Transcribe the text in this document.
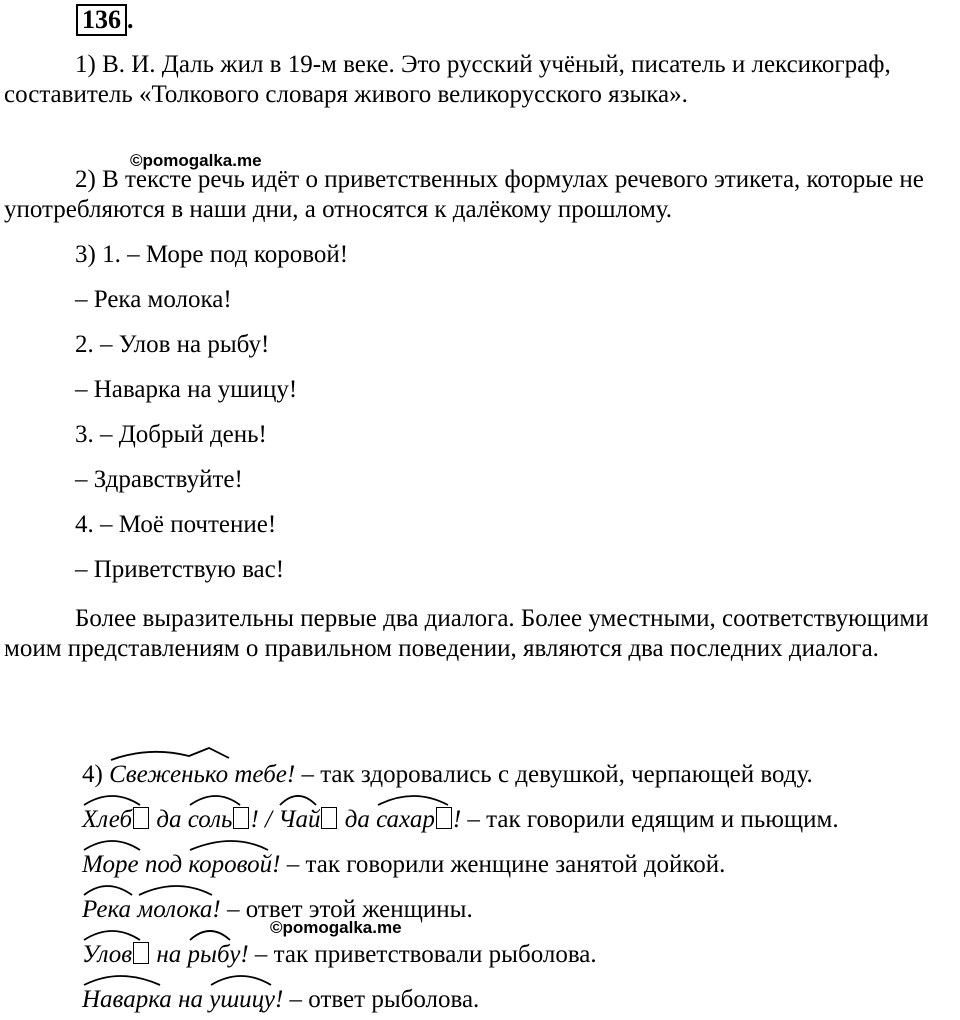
136 .

1) В. И. Даль жил в 19-м веке. Это русский учёный, писатель и лексикограф, составитель «Толкового словаря живого великорусского языка».

©pomogalka.me

2) В тексте речь идёт о приветственных формулах речевого этикета, которые не употребляются в наши дни, а относятся к далёкому прошлому.

3) 1. – Море под коровой!

– Река молока!

2. – Улов на рыбу!

– Наварка на ушицу!

3. – Добрый день!

– Здравствуйте!

4. – Моё почтение!

– Приветствую вас!

Более выразительны первые два диалога. Более уместными, соответствующими моим представлениям о правильном поведении, являются два последних диалога.

4)
Свеженько тебе! – так здоровались с девушкой, черпающей воду.

Хлеб да
соль ! /
Чай да
сахар ! – так говорили едящим и пьющим.

Море под
коровой! – так говорили женщине занятой дойкой.

©pomogalka.me

Река молока! – ответ этой женщины.

Улов на
рыбу! – так приветствовали рыболова.

Наварка на
ушицу! – ответ рыболова.
